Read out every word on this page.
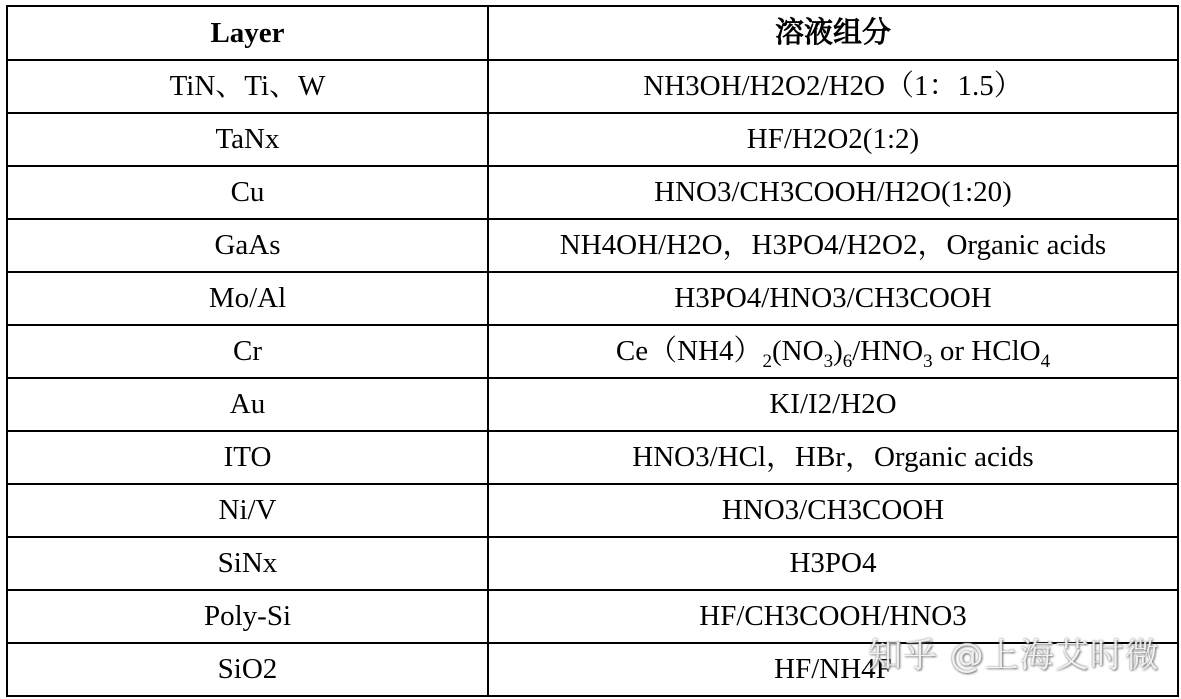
Layer	溶液组分
TiN、Ti、W	NH3OH/H2O2/H2O（1：1.5）
TaNx	HF/H2O2(1:2)
Cu	HNO3/CH3COOH/H2O(1:20)
GaAs	NH4OH/H2O，H3PO4/H2O2，Organic acids
Mo/Al	H3PO4/HNO3/CH3COOH
Cr	$Ce(NH4)_2(NO_3)_6/HNO_3$ or HClO$_4$
Au	KI/I2/H2O
ITO	HNO3/HCl，HBr，Organic acids
Ni/V	HNO3/CH3COOH
SiNx	H3PO4
Poly-Si	HF/CH3COOH/HNO3
SiO2	HF/NH4F
知乎 @上海艾时微
